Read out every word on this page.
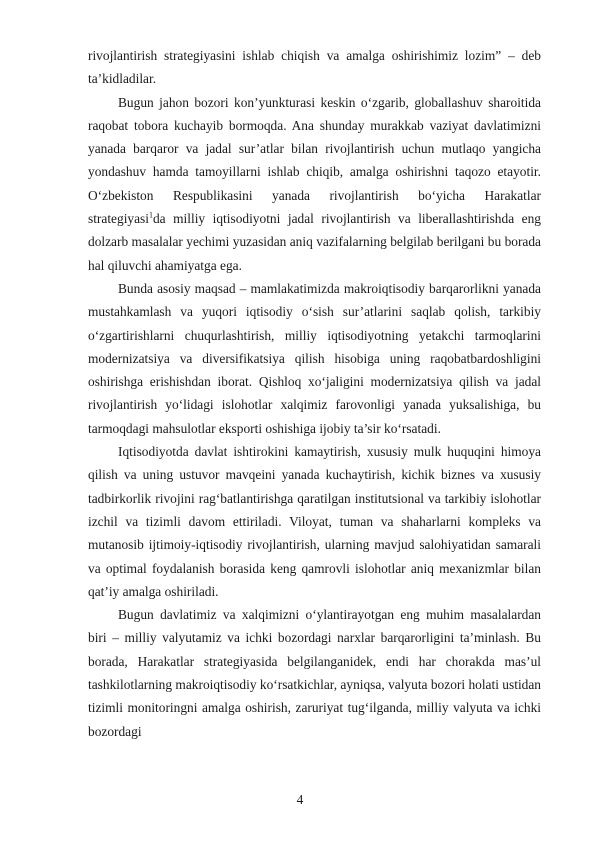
rivojlantirish strategiyasini ishlab chiqish va amalga oshirishimiz lozim” – deb ta’kidladilar.

Bugun jahon bozori kon’yunkturasi keskin o‘zgarib, globallashuv sharoitida raqobat tobora kuchayib bormoqda. Ana shunday murakkab vaziyat davlatimizni yanada barqaror va jadal sur’atlar bilan rivojlantirish uchun mutlaqo yangicha yondashuv hamda tamoyillarni ishlab chiqib, amalga oshirishni taqozo etayotir. O‘zbekiston Respublikasini yanada rivojlantirish bo‘yicha Harakatlar strategiyasi$^1$da milliy iqtisodiyotni jadal rivojlantirish va liberallashtirishda eng dolzarb masalalar yechimi yuzasidan aniq vazifalarning belgilab berilgani bu borada hal qiluvchi ahamiyatga ega.

Bunda asosiy maqsad – mamlakatimizda makroiqtisodiy barqarorlikni yanada mustahkamlash va yuqori iqtisodiy o‘sish sur’atlarini saqlab qolish, tarkibiy o‘zgartirishlarni chuqurlashtirish, milliy iqtisodiyotning yetakchi tarmoqlarini modernizatsiya va diversifikatsiya qilish hisobiga uning raqobatbardoshligini oshirishga erishishdan iborat. Qishloq xo‘jaligini modernizatsiya qilish va jadal rivojlantirish yo‘lidagi islohotlar xalqimiz farovonligi yanada yuksalishiga, bu tarmoqdagi mahsulotlar eksporti oshishiga ijobiy ta’sir ko‘rsatadi.

Iqtisodiyotda davlat ishtirokini kamaytirish, xususiy mulk huquqini himoya qilish va uning ustuvor mavqeini yanada kuchaytirish, kichik biznes va xususiy tadbirkorlik rivojini rag‘batlantirishga qaratilgan institutsional va tarkibiy islohotlar izchil va tizimli davom ettiriladi. Viloyat, tuman va shaharlarni kompleks va mutanosib ijtimoiy-iqtisodiy rivojlantirish, ularning mavjud salohiyatidan samarali va optimal foydalanish borasida keng qamrovli islohotlar aniq mexanizmlar bilan qat’iy amalga oshiriladi.

Bugun davlatimiz va xalqimizni o‘ylantirayotgan eng muhim masalalardan biri – milliy valyutamiz va ichki bozordagi narxlar barqarorligini ta’minlash. Bu borada, Harakatlar strategiyasida belgilanganidek, endi har chorakda mas’ul tashkilotlarning makroiqtisodiy ko‘rsatkichlar, ayniqsa, valyuta bozori holati ustidan tizimli monitoringni amalga oshirish, zaruriyat tug‘ilganda, milliy valyuta va ichki bozordagi

4
